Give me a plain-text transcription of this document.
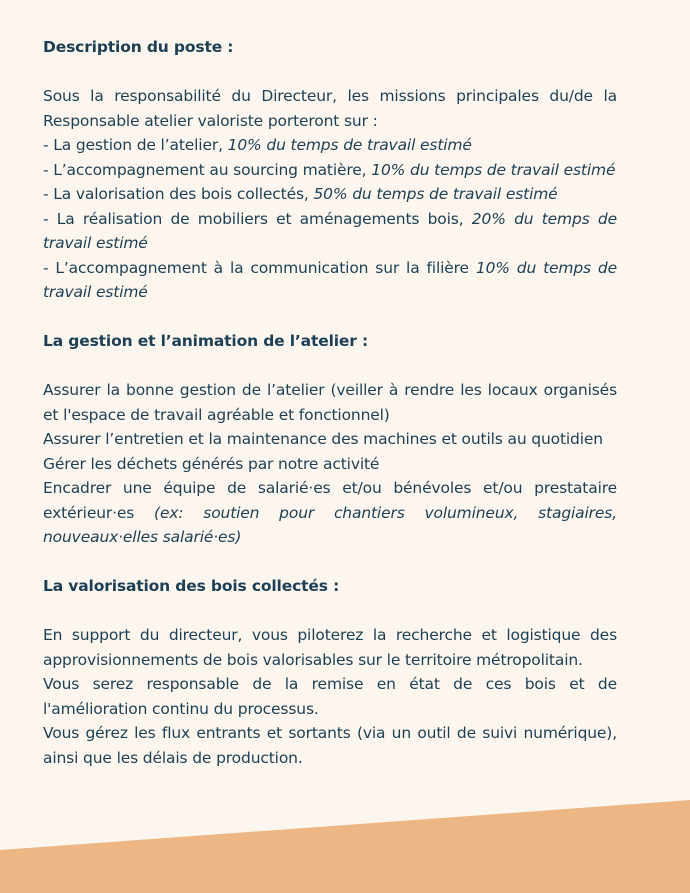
Description du poste :

Sous la responsabilité du Directeur, les missions principales du/de la Responsable atelier valoriste porteront sur :

- La gestion de l’atelier, 10% du temps de travail estimé

- L’accompagnement au sourcing matière, 10% du temps de travail estimé

- La valorisation des bois collectés, 50% du temps de travail estimé

- La réalisation de mobiliers et aménagements bois, 20% du temps de travail estimé

- L’accompagnement à la communication sur la filière 10% du temps de travail estimé

La gestion et l’animation de l’atelier :

Assurer la bonne gestion de l’atelier (veiller à rendre les locaux organisés et l'espace de travail agréable et fonctionnel)

Assurer l’entretien et la maintenance des machines et outils au quotidien

Gérer les déchets générés par notre activité

Encadrer une équipe de salarié·es et/ou bénévoles et/ou prestataire extérieur·es (ex: soutien pour chantiers volumineux, stagiaires, nouveaux·elles salarié·es)

La valorisation des bois collectés :

En support du directeur, vous piloterez la recherche et logistique des approvisionnements de bois valorisables sur le territoire métropolitain.

Vous serez responsable de la remise en état de ces bois et de l'amélioration continu du processus.

Vous gérez les flux entrants et sortants (via un outil de suivi numérique), ainsi que les délais de production.
